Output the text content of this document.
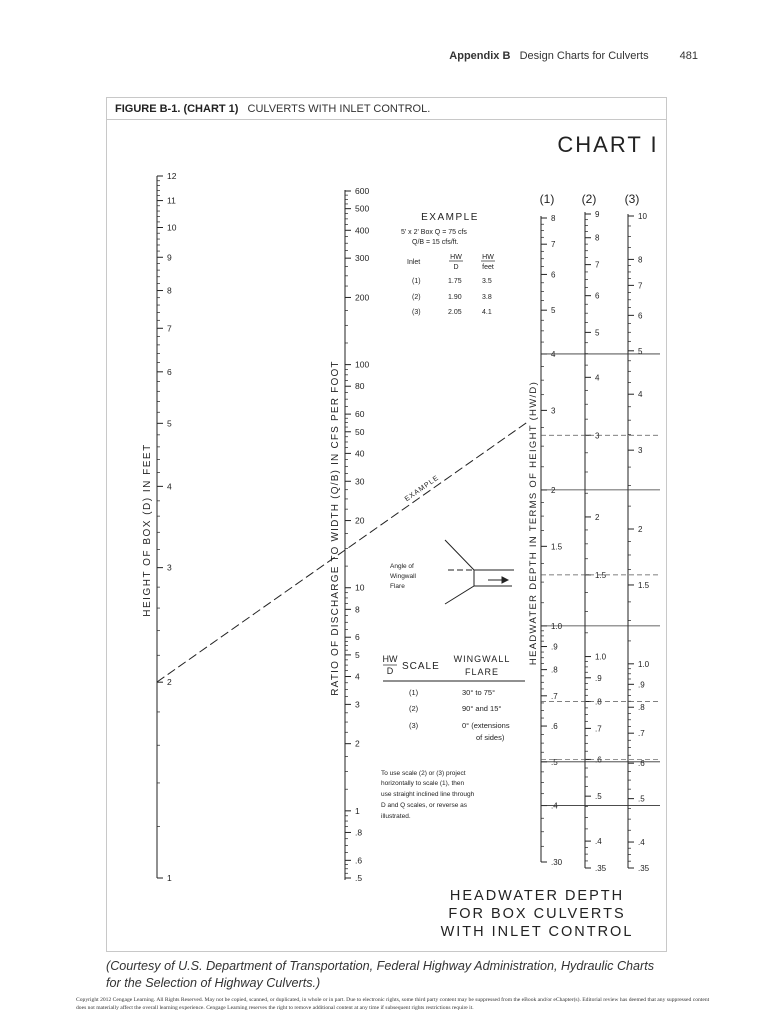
Appendix B Design Charts for Culverts	481
FIGURE B-1. (CHART 1) CULVERTS WITH INLET CONTROL.
12
11
10
9
8
7
6
5
4
3
2
1
600
500
400
300
200
100
80
60
50
40
30
20
10
8
6
5
4
3
2
1
.8
.6
.5
8
7
6
5
4
3
2
1.5
1.0
.9
.8
.7
.6
.5
.4
.30
9
8
7
6
5
4
3
2
1.5
1.0
.9
.8
.7
.6
.5
.4
.35
10
8
7
6
5
4
3
2
1.5
1.0
.9
.8
.7
.6
.5
.4
.35
CHART I
HEIGHT OF BOX (D) IN FEET	RATIO OF DISCHARGE TO WIDTH (Q/B) IN CFS PER FOOT	HEADWATER DEPTH IN TERMS OF HEIGHT (HW/D)
(1) (2) (3)
EXAMPLE
5' x 2' Box Q = 75 cfs
Q/B = 15 cfs/ft.
Inlet
HW
D
HW
feet
(1)	1.75	3.5
(2)	1.90	3.8
(3)	2.05	4.1
EXAMPLE
Angle of
Wingwall
Flare
HW
D SCALE
WINGWALL
FLARE
(1)	30° to 75°
(2)	90° and 15°
(3)	0° (extensions
of sides)
To use scale (2) or (3) project
horizontally to scale (1), then
use straight inclined line through
D and Q scales, or reverse as
illustrated.
HEADWATER DEPTH
FOR BOX CULVERTS
WITH INLET CONTROL
(Courtesy of U.S. Department of Transportation, Federal Highway Administration, Hydraulic Charts for the Selection of Highway Culverts.)
Copyright 2012 Cengage Learning. All Rights Reserved. May not be copied, scanned, or duplicated, in whole or in part. Due to electronic rights, some third party content may be suppressed from the eBook and/or eChapter(s). Editorial review has deemed that any suppressed content does not materially affect the overall learning experience. Cengage Learning reserves the right to remove additional content at any time if subsequent rights restrictions require it.
